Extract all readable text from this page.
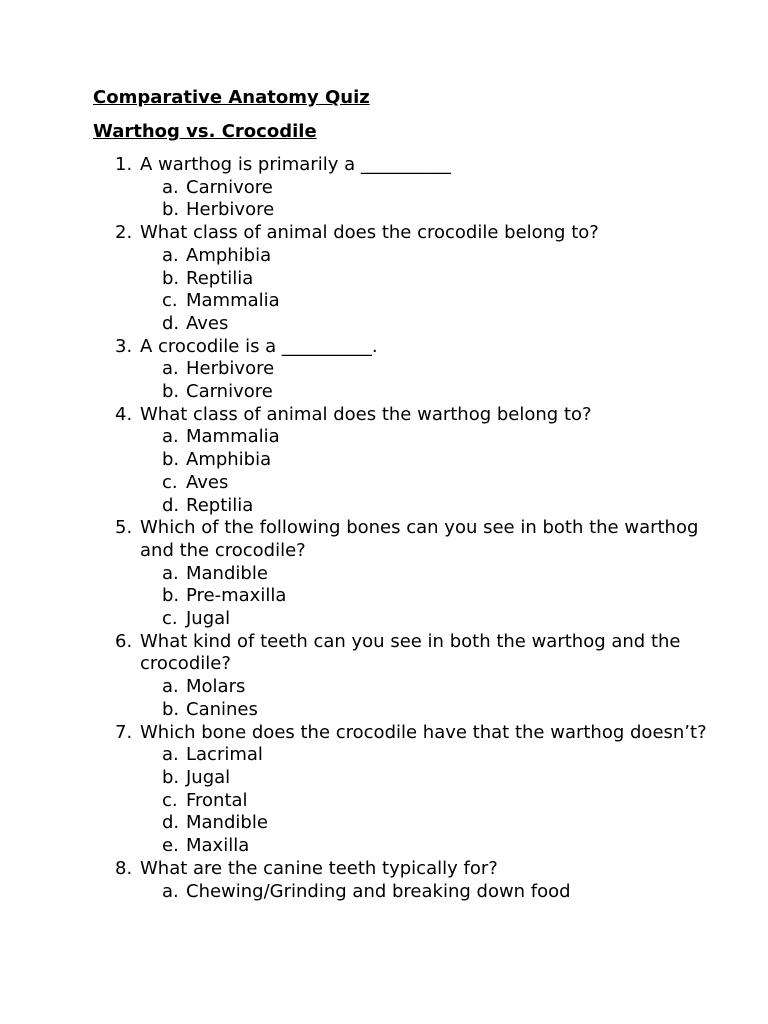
Comparative Anatomy Quiz
Warthog vs. Crocodile
1. A warthog is primarily a __________
a. Carnivore
b. Herbivore
2. What class of animal does the crocodile belong to?
a. Amphibia
b. Reptilia
c. Mammalia
d. Aves
3. A crocodile is a __________.
a. Herbivore
b. Carnivore
4. What class of animal does the warthog belong to?
a. Mammalia
b. Amphibia
c. Aves
d. Reptilia
5. Which of the following bones can you see in both the warthog and the crocodile?
a. Mandible
b. Pre-maxilla
c. Jugal
6. What kind of teeth can you see in both the warthog and the crocodile?
a. Molars
b. Canines
7. Which bone does the crocodile have that the warthog doesn’t?
a. Lacrimal
b. Jugal
c. Frontal
d. Mandible
e. Maxilla
8. What are the canine teeth typically for?
a. Chewing/Grinding and breaking down food
